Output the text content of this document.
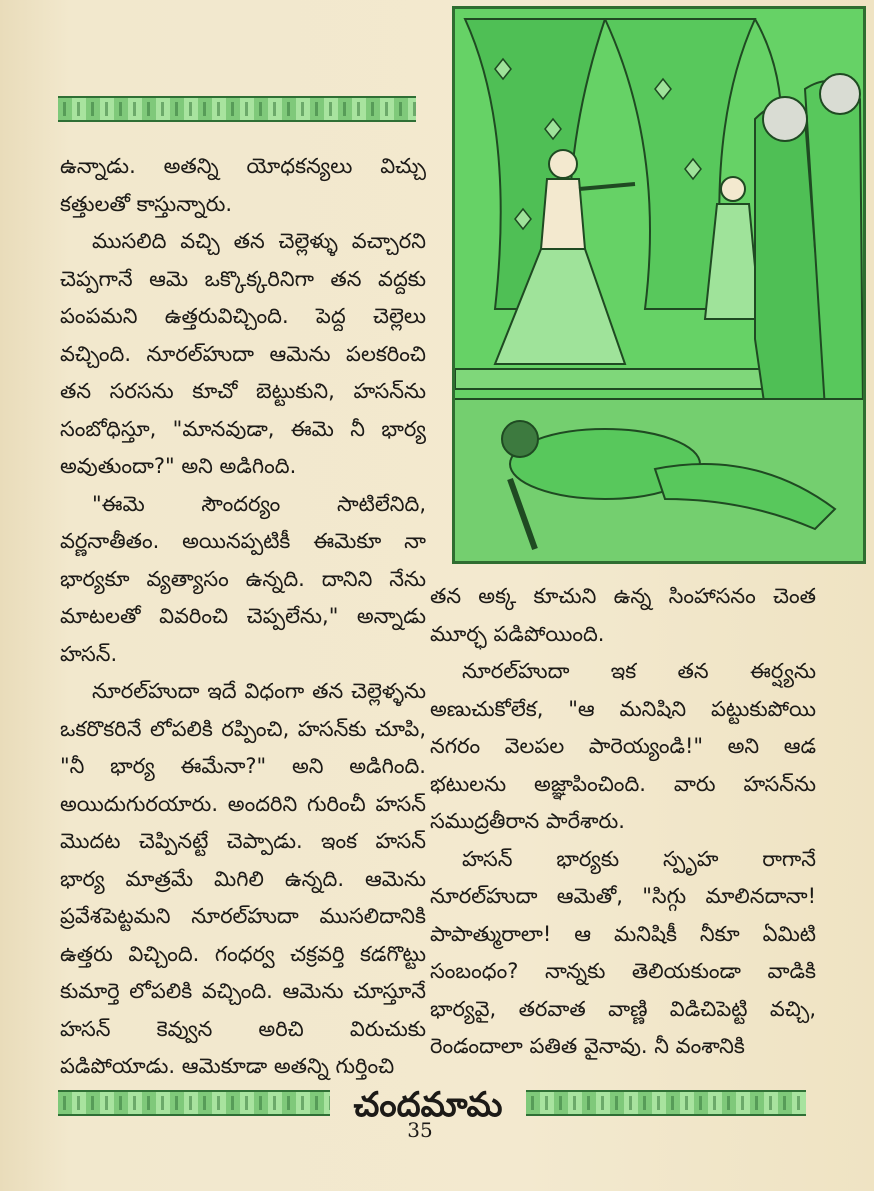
ఉన్నాడు. అతన్ని యోధకన్యలు విచ్చు కత్తులతో కాస్తున్నారు.

ముసలిది వచ్చి తన చెల్లెళ్ళు వచ్చారని చెప్పగానే ఆమె ఒక్కొక్కరినిగా తన వద్దకు పంపమని ఉత్తరువిచ్చింది. పెద్ద చెల్లెలు వచ్చింది. నూరల్‌హుదా ఆమెను పలకరించి తన సరసను కూచో బెట్టుకుని, హసన్‌ను సంబోధిస్తూ, "మానవుడా, ఈమె నీ భార్య అవుతుందా?" అని అడిగింది.

"ఈమె సౌందర్యం సాటిలేనిది, వర్ణనాతీతం. అయినప్పటికీ ఈమెకూ నా భార్యకూ వ్యత్యాసం ఉన్నది. దానిని నేను మాటలతో వివరించి చెప్పలేను," అన్నాడు హసన్.

నూరల్‌హుదా ఇదే విధంగా తన చెల్లెళ్ళను ఒకరొకరినే లోపలికి రప్పించి, హసన్‌కు చూపి, "నీ భార్య ఈమేనా?" అని అడిగింది. అయిదుగురయారు. అందరిని గురించీ హసన్ మొదట చెప్పినట్టే చెప్పాడు. ఇంక హసన్ భార్య మాత్రమే మిగిలి ఉన్నది. ఆమెను ప్రవేశపెట్టమని నూరల్‌హుదా ముసలిదానికి ఉత్తరు విచ్చింది. గంధర్వ చక్రవర్తి కడగొట్టు కుమార్తె లోపలికి వచ్చింది. ఆమెను చూస్తూనే హసన్ కెవ్వున అరిచి విరుచుకు పడిపోయాడు. ఆమెకూడా అతన్ని గుర్తించి

తన అక్క కూచుని ఉన్న సింహాసనం చెంత మూర్ఛ పడిపోయింది.

నూరల్‌హుదా ఇక తన ఈర్ష్యను అణుచుకోలేక, "ఆ మనిషిని పట్టుకుపోయి నగరం వెలపల పారెయ్యండి!" అని ఆడ భటులను అజ్ఞాపించింది. వారు హసన్‌ను సముద్రతీరాన పారేశారు.

హసన్ భార్యకు స్పృహ రాగానే నూరల్‌హుదా ఆమెతో, "సిగ్గు మాలినదానా! పాపాత్మురాలా! ఆ మనిషికీ నీకూ ఏమిటి సంబంధం? నాన్నకు తెలియకుండా వాడికి భార్యవై, తరవాత వాణ్ణి విడిచిపెట్టి వచ్చి, రెండందాలా పతిత వైనావు. నీ వంశానికి

చందమామ
35
